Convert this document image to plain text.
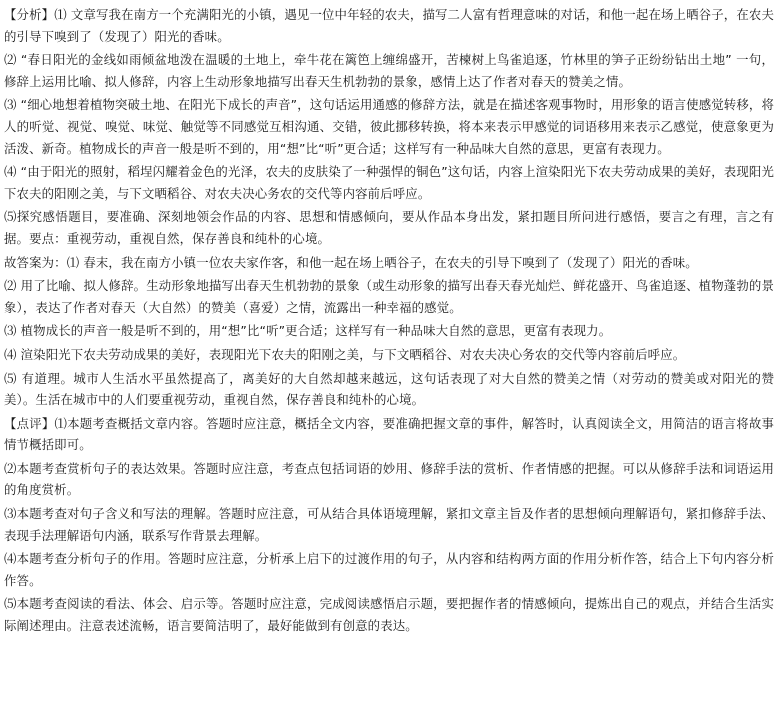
【分析】⑴ 文章写我在南方一个充满阳光的小镇，遇见一位中年轻的农夫，描写二人富有哲理意味的对话，和他一起在场上晒谷子，在农夫的引导下嗅到了（发现了）阳光的香味。

⑵ “春日阳光的金线如雨倾盆地泼在温暖的土地上，牵牛花在篱笆上缠绵盛开，苦楝树上鸟雀追逐，竹林里的笋子正纷纷钻出土地” 一句，修辞上运用比喻、拟人修辞，内容上生动形象地描写出春天生机勃勃的景象，感情上达了作者对春天的赞美之情。

⑶ “细心地想着植物突破土地、在阳光下成长的声音”，这句话运用通感的修辞方法，就是在描述客观事物时，用形象的语言使感觉转移，将人的听觉、视觉、嗅觉、味觉、触觉等不同感觉互相沟通、交错，彼此挪移转换，将本来表示甲感觉的词语移用来表示乙感觉，使意象更为活泼、新奇。植物成长的声音一般是听不到的，用“想”比“听”更合适；这样写有一种品味大自然的意思，更富有表现力。

⑷ “由于阳光的照射，稻埕闪耀着金色的光泽，农夫的皮肤染了一种强悍的铜色”这句话，内容上渲染阳光下农夫劳动成果的美好，表现阳光下农夫的阳刚之美，与下文晒稻谷、对农夫决心务农的交代等内容前后呼应。

⑸探究感悟题目，要准确、深刻地领会作品的内容、思想和情感倾向，要从作品本身出发，紧扣题目所问进行感悟，要言之有理，言之有据。要点：重视劳动，重视自然，保存善良和纯朴的心境。

故答案为：⑴ 春末，我在南方小镇一位农夫家作客，和他一起在场上晒谷子，在农夫的引导下嗅到了（发现了）阳光的香味。

⑵ 用了比喻、拟人修辞。生动形象地描写出春天生机勃勃的景象（或生动形象的描写出春天春光灿烂、鲜花盛开、鸟雀追逐、植物蓬勃的景象），表达了作者对春天（大自然）的赞美（喜爱）之情，流露出一种幸福的感觉。

⑶ 植物成长的声音一般是听不到的，用“想”比“听”更合适；这样写有一种品味大自然的意思，更富有表现力。

⑷ 渲染阳光下农夫劳动成果的美好，表现阳光下农夫的阳刚之美，与下文晒稻谷、对农夫决心务农的交代等内容前后呼应。

⑸ 有道理。城市人生活水平虽然提高了，离美好的大自然却越来越远，这句话表现了对大自然的赞美之情（对劳动的赞美或对阳光的赞美）。生活在城市中的人们要重视劳动，重视自然，保存善良和纯朴的心境。

【点评】⑴本题考查概括文章内容。答题时应注意，概括全文内容，要准确把握文章的事件，解答时，认真阅读全文，用简洁的语言将故事情节概括即可。

⑵本题考查赏析句子的表达效果。答题时应注意，考查点包括词语的妙用、修辞手法的赏析、作者情感的把握。可以从修辞手法和词语运用的角度赏析。

⑶本题考查对句子含义和写法的理解。答题时应注意，可从结合具体语境理解，紧扣文章主旨及作者的思想倾向理解语句，紧扣修辞手法、表现手法理解语句内涵，联系写作背景去理解。

⑷本题考查分析句子的作用。答题时应注意，分析承上启下的过渡作用的句子，从内容和结构两方面的作用分析作答，结合上下句内容分析作答。

⑸本题考查阅读的看法、体会、启示等。答题时应注意，完成阅读感悟启示题，要把握作者的情感倾向，提炼出自己的观点，并结合生活实际阐述理由。注意表述流畅，语言要简洁明了，最好能做到有创意的表达。
